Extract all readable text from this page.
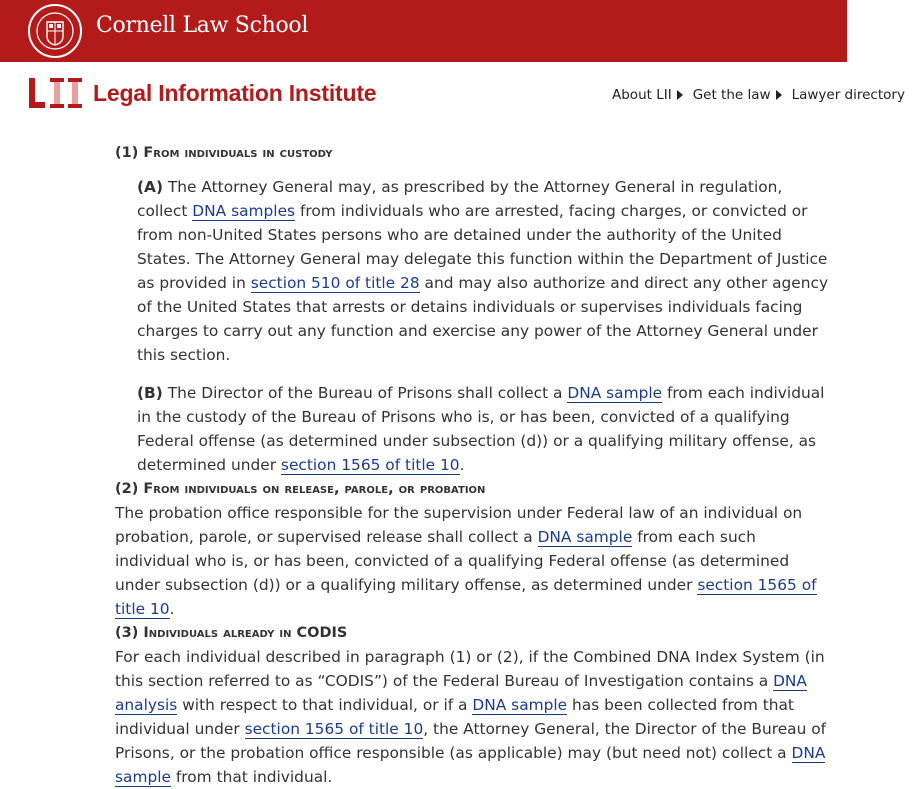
Cornell Law School
Legal Information Institute	About LII Get the law Lawyer directory

(1) From individuals in custody

(A) The Attorney General may, as prescribed by the Attorney General in regulation, collect DNA samples from individuals who are arrested, facing charges, or convicted or from non-United States persons who are detained under the authority of the United States. The Attorney General may delegate this function within the Department of Justice as provided in section 510 of title 28 and may also authorize and direct any other agency of the United States that arrests or detains individuals or supervises individuals facing charges to carry out any function and exercise any power of the Attorney General under this section.

(B) The Director of the Bureau of Prisons shall collect a DNA sample from each individual in the custody of the Bureau of Prisons who is, or has been, convicted of a qualifying Federal offense (as determined under subsection (d)) or a qualifying military offense, as determined under section 1565 of title 10.

(2) From individuals on release, parole, or probation

The probation office responsible for the supervision under Federal law of an individual on probation, parole, or supervised release shall collect a DNA sample from each such individual who is, or has been, convicted of a qualifying Federal offense (as determined under subsection (d)) or a qualifying military offense, as determined under section 1565 of title 10.

(3) Individuals already in CODIS

For each individual described in paragraph (1) or (2), if the Combined DNA Index System (in this section referred to as “CODIS”) of the Federal Bureau of Investigation contains a DNA analysis with respect to that individual, or if a DNA sample has been collected from that individual under section 1565 of title 10, the Attorney General, the Director of the Bureau of Prisons, or the probation office responsible (as applicable) may (but need not) collect a DNA sample from that individual.
